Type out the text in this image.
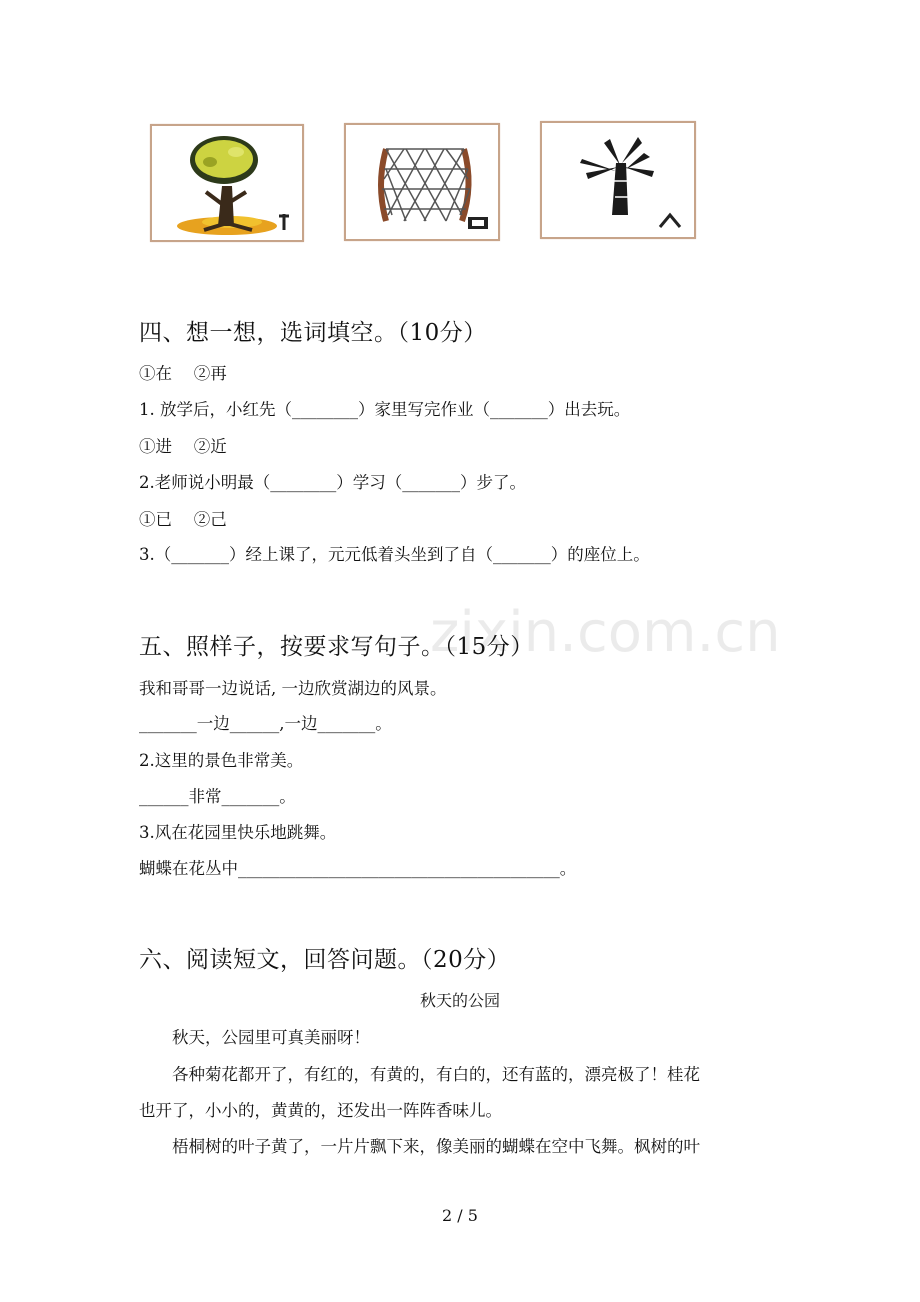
四、想一想，选词填空。（10分）
①在　 ②再
1. 放学后，小红先（________）家里写完作业（_______）出去玩。
①进　 ②近
2.老师说小明最（________）学习（_______）步了。
①已　 ②己
3.（_______）经上课了，元元低着头坐到了自（_______）的座位上。
zixin.com.cn
五、照样子，按要求写句子。（15分）
我和哥哥一边说话, 一边欣赏湖边的风景。
_______一边______,一边_______。
2.这里的景色非常美。
______非常_______。
3.风在花园里快乐地跳舞。
蝴蝶在花丛中_______________________________________。
六、阅读短文，回答问题。（20分）
秋天的公园
秋天，公园里可真美丽呀！
各种菊花都开了，有红的，有黄的，有白的，还有蓝的，漂亮极了！桂花
也开了，小小的，黄黄的，还发出一阵阵香味儿。
梧桐树的叶子黄了，一片片飘下来，像美丽的蝴蝶在空中飞舞。枫树的叶
2 / 5
